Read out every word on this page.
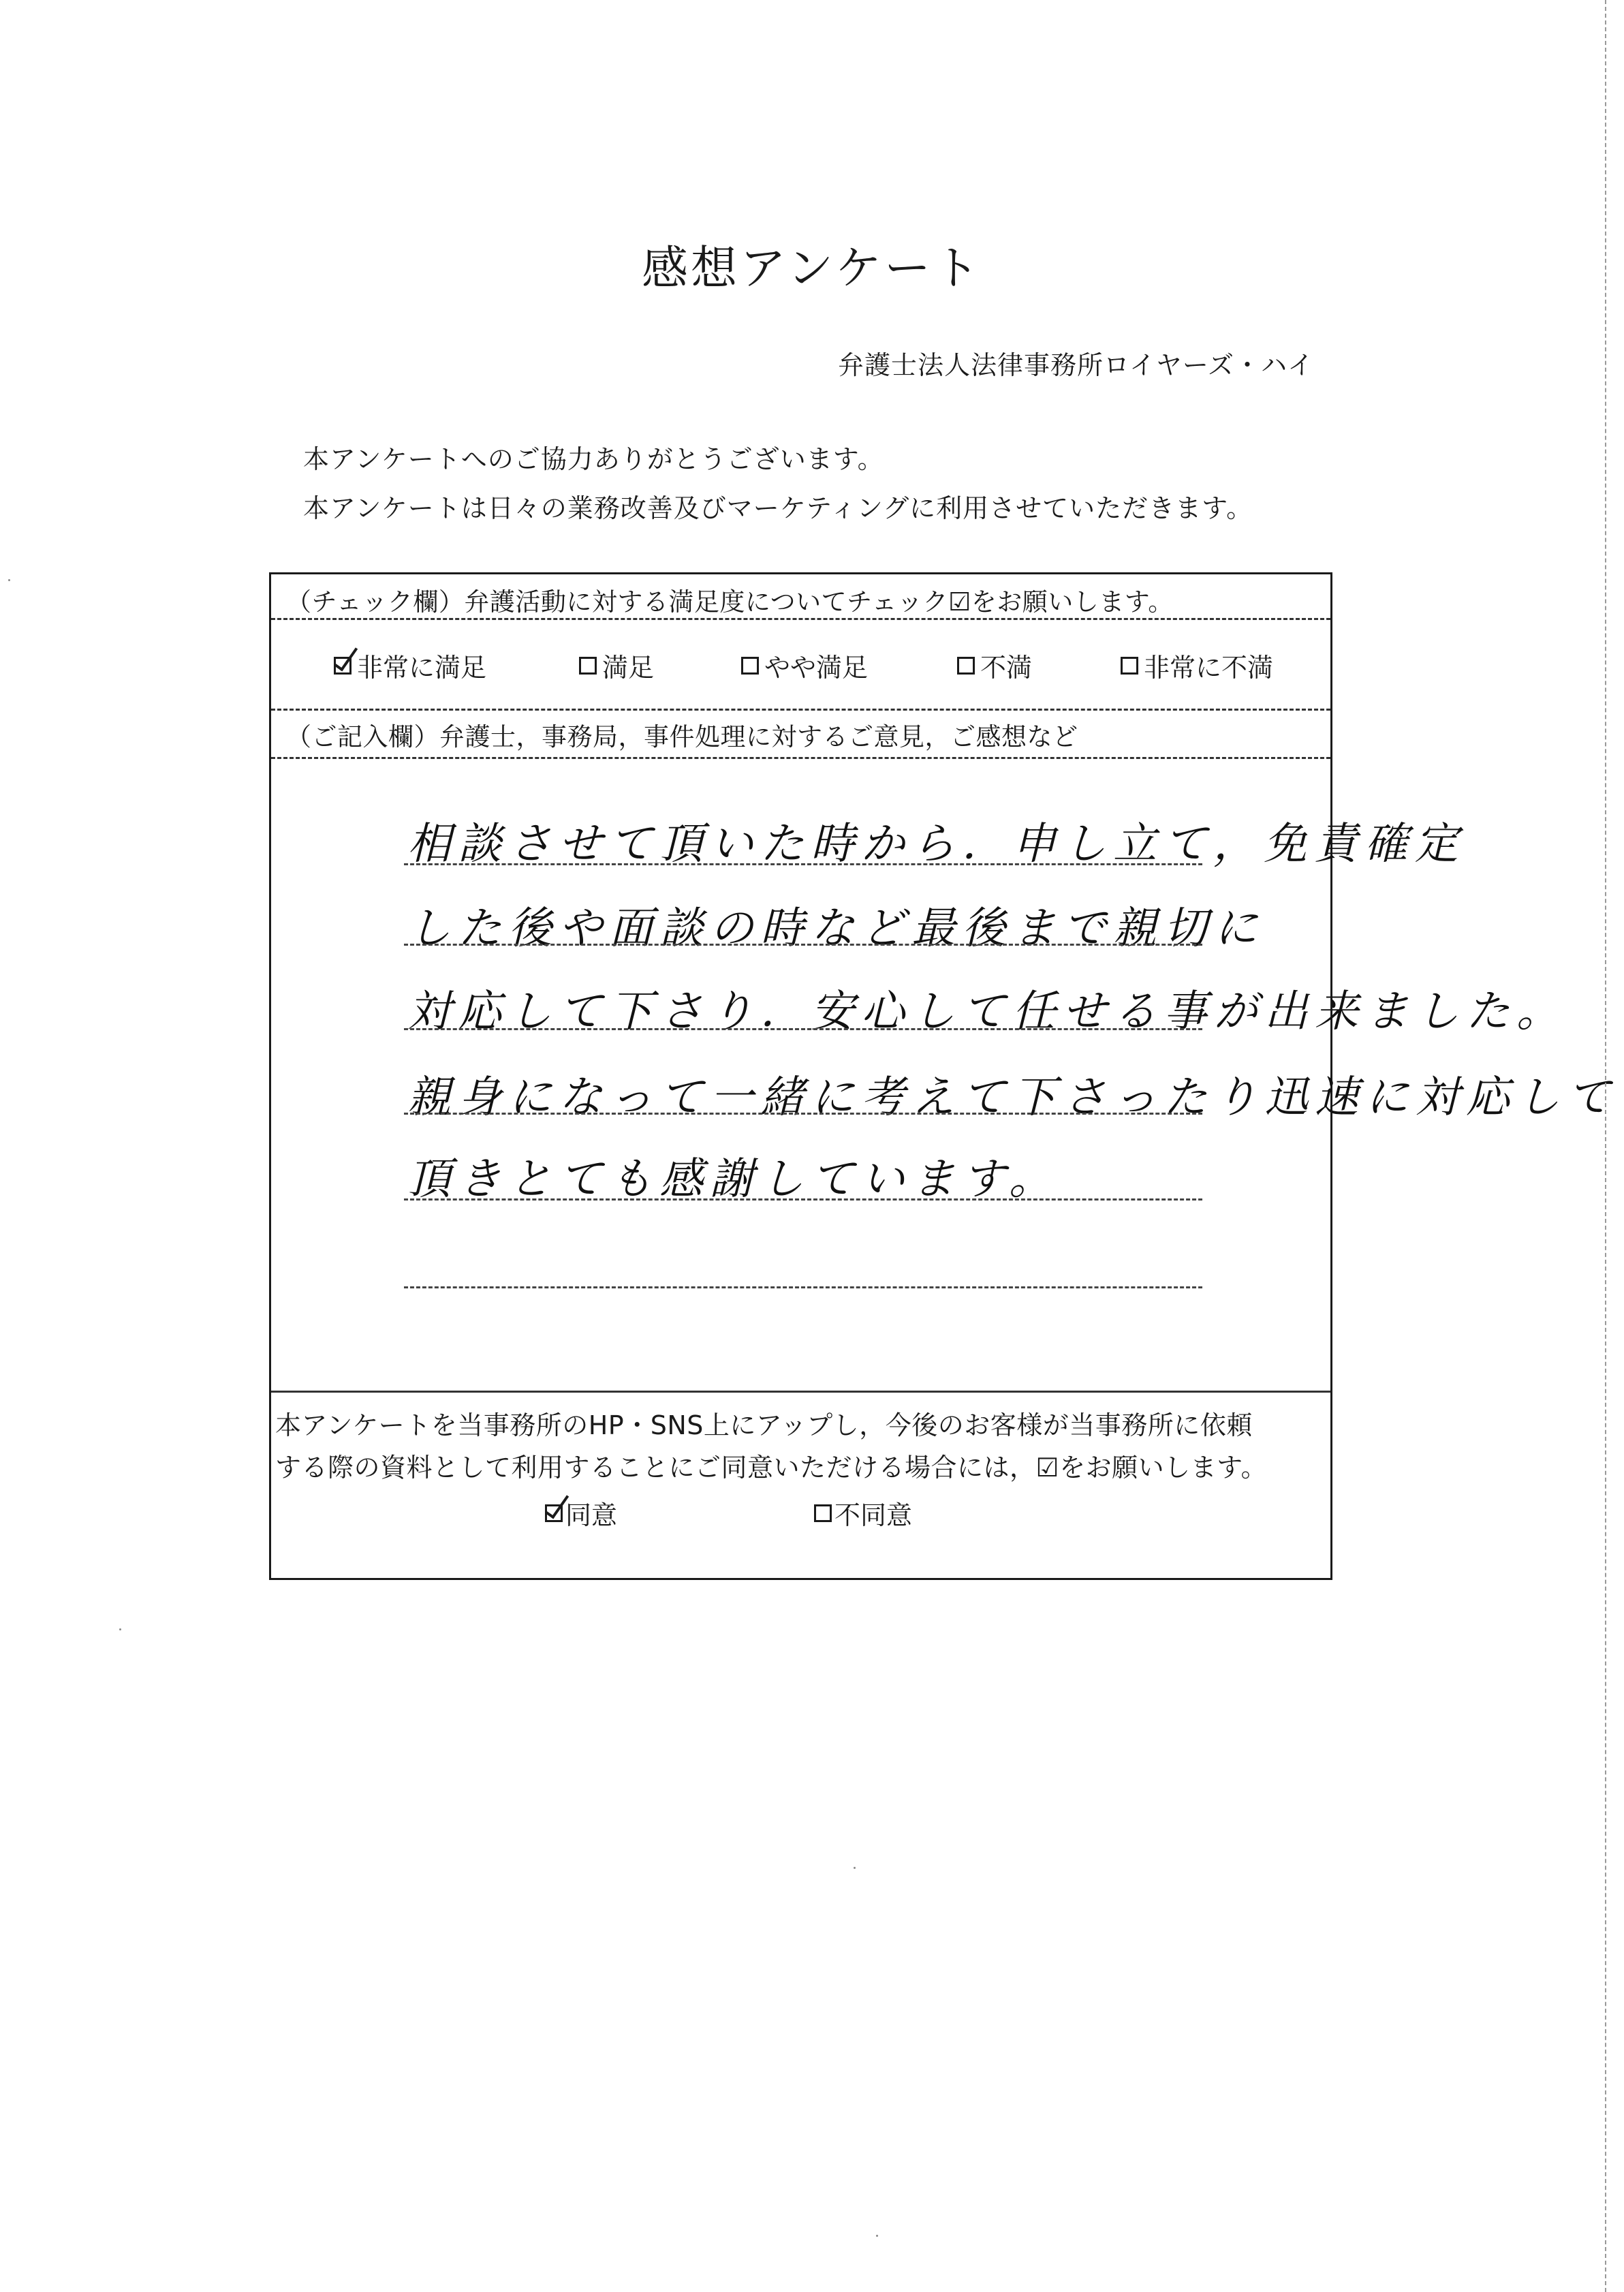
感想アンケート
弁護士法人法律事務所ロイヤーズ・ハイ
本アンケートへのご協力ありがとうございます。
本アンケートは日々の業務改善及びマーケティングに利用させていただきます。
（チェック欄）弁護活動に対する満足度についてチェック☑をお願いします。
非常に満足	満足	やや満足	不満	非常に不満
（ご記入欄）弁護士，事務局，事件処理に対するご意見，ご感想など
相談させて頂いた時から．申し立て，免責確定
した後や面談の時など最後まで親切に
対応して下さり．安心して任せる事が出来ました。
親身になって一緒に考えて下さったり迅速に対応して
頂きとても感謝しています。
本アンケートを当事務所のHP・SNS上にアップし，今後のお客様が当事務所に依頼
する際の資料として利用することにご同意いただける場合には，☑をお願いします。
同意	不同意
